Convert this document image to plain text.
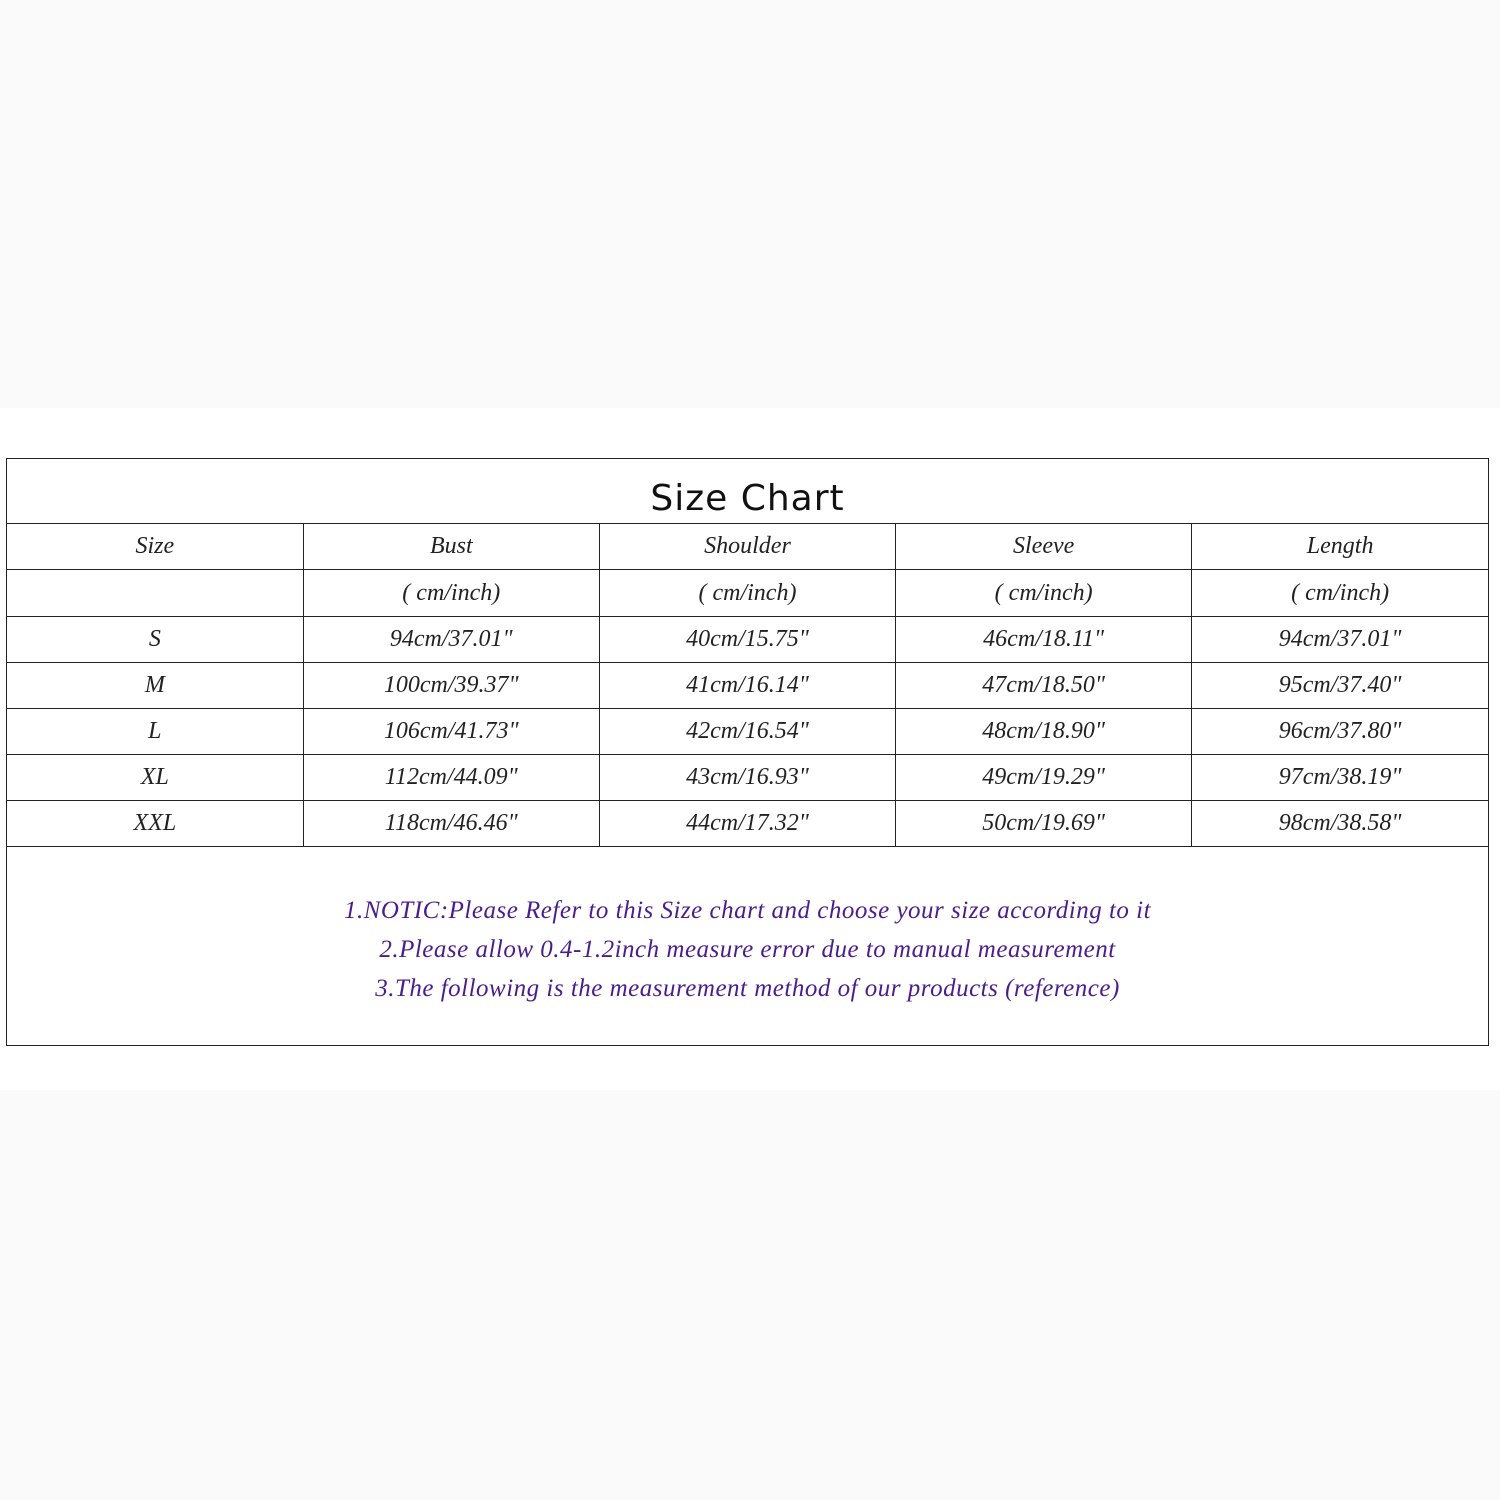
Size Chart
Size	Bust	Shoulder	Sleeve	Length
	( cm/inch)	( cm/inch)	( cm/inch)	( cm/inch)
S	94cm/37.01"	40cm/15.75"	46cm/18.11"	94cm/37.01"
M	100cm/39.37"	41cm/16.14"	47cm/18.50"	95cm/37.40"
L	106cm/41.73"	42cm/16.54"	48cm/18.90"	96cm/37.80"
XL	112cm/44.09"	43cm/16.93"	49cm/19.29"	97cm/38.19"
XXL	118cm/46.46"	44cm/17.32"	50cm/19.69"	98cm/38.58"
1.NOTIC:Please Refer to this Size chart and choose your size according to it
2.Please allow 0.4-1.2inch measure error due to manual measurement
3.The following is the measurement method of our products (reference)
